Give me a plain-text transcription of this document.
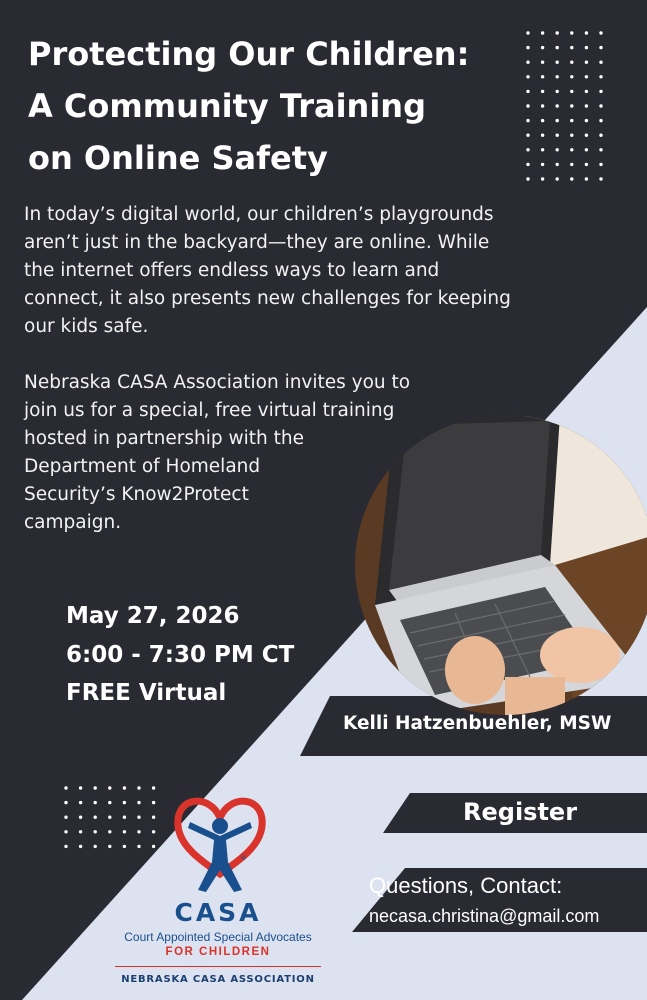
Protecting Our Children:
A Community Training
on Online Safety

In today’s digital world, our children’s playgrounds
aren’t just in the backyard—they are online. While
the internet offers endless ways to learn and
connect, it also presents new challenges for keeping
our kids safe.

Nebraska CASA Association invites you to
join us for a special, free virtual training
hosted in partnership with the
Department of Homeland
Security’s Know2Protect
campaign.

May 27, 2026
6:00 - 7:30 PM CT
FREE Virtual
Kelli Hatzenbuehler, MSW
Register
Questions, Contact:
necasa.christina@gmail.com
®
CASA
Court Appointed Special Advocates
FOR CHILDREN
NEBRASKA CASA ASSOCIATION
